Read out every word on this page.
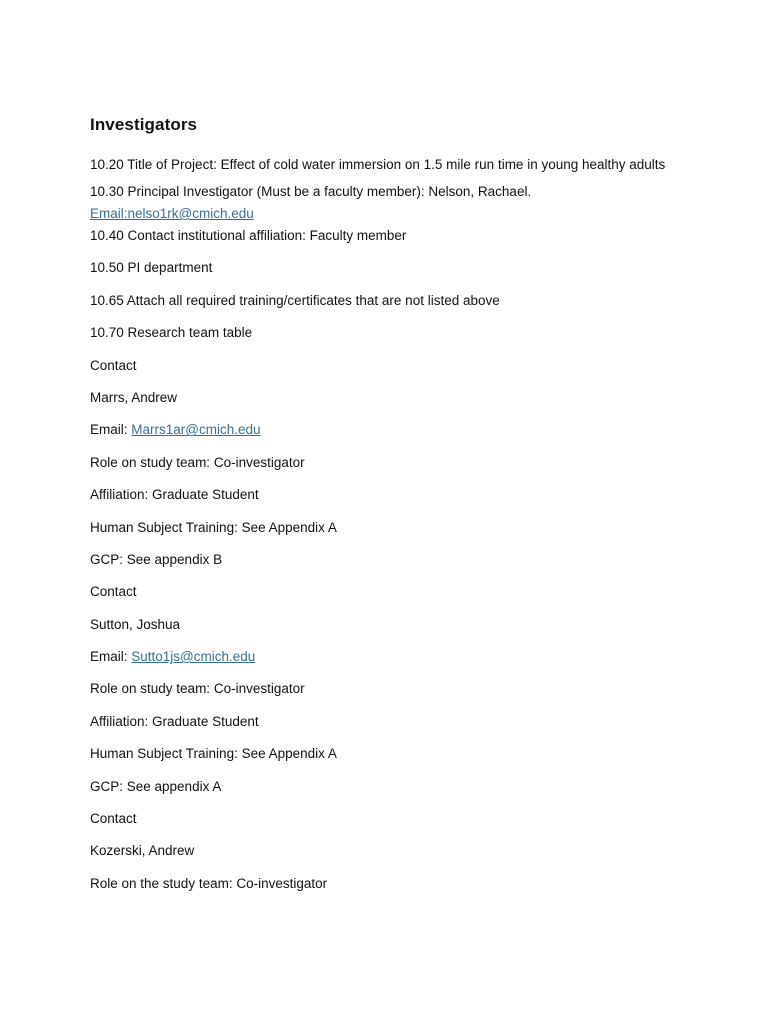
Investigators

10.20 Title of Project: Effect of cold water immersion on 1.5 mile run time in young healthy adults

10.30 Principal Investigator (Must be a faculty member): Nelson, Rachael.

Email:nelso1rk@cmich.edu

10.40 Contact institutional affiliation: Faculty member

10.50 PI department

10.65 Attach all required training/certificates that are not listed above

10.70 Research team table

Contact

Marrs, Andrew

Email: Marrs1ar@cmich.edu

Role on study team: Co-investigator

Affiliation: Graduate Student

Human Subject Training: See Appendix A

GCP: See appendix B

Contact

Sutton, Joshua

Email: Sutto1js@cmich.edu

Role on study team: Co-investigator

Affiliation: Graduate Student

Human Subject Training: See Appendix A

GCP: See appendix A

Contact

Kozerski, Andrew

Role on the study team: Co-investigator
